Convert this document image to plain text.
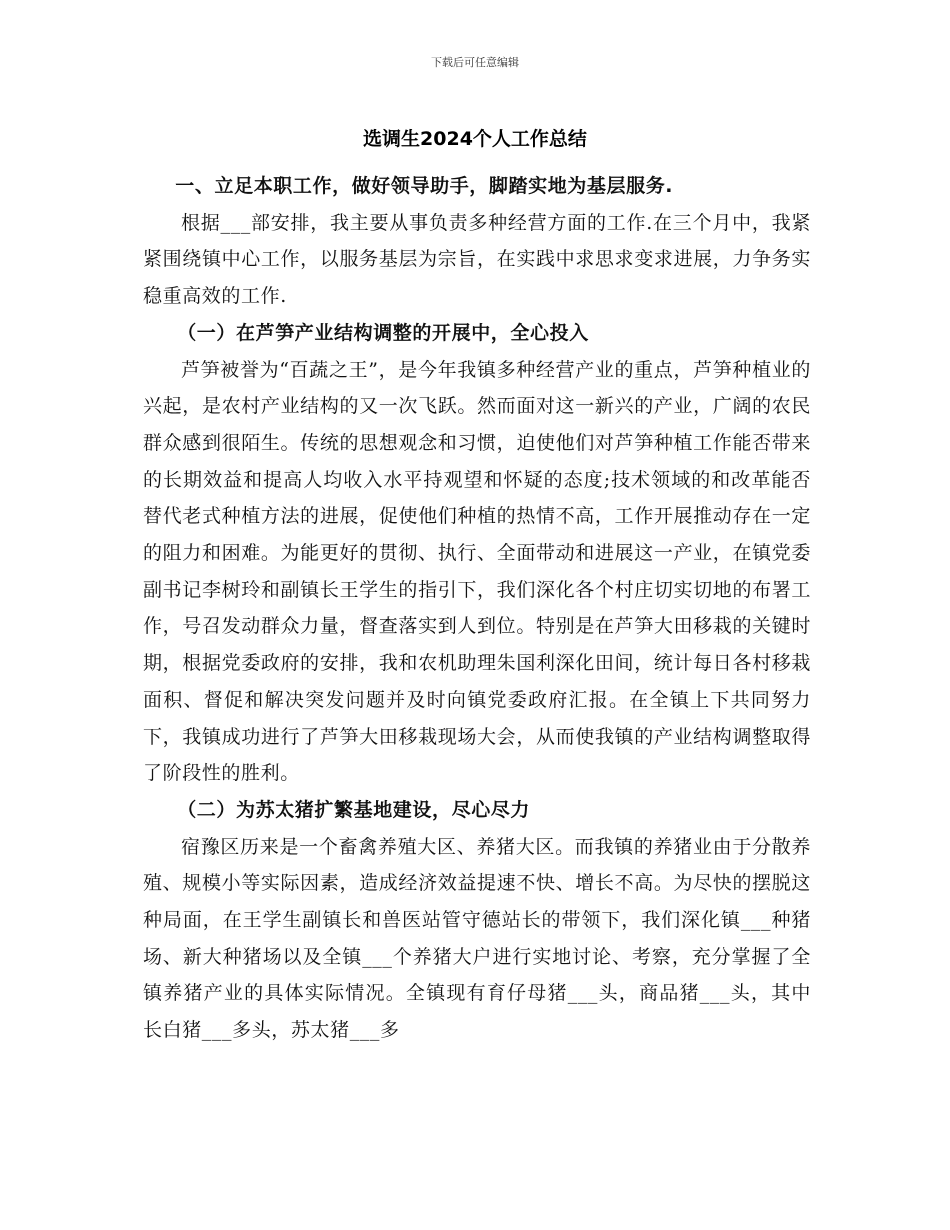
下载后可任意编辑
选调生2024个人工作总结

一、立足本职工作，做好领导助手，脚踏实地为基层服务.

根据___部安排，我主要从事负责多种经营方面的工作.在三个月中，我紧紧围绕镇中心工作，以服务基层为宗旨，在实践中求思求变求进展，力争务实稳重高效的工作.

（一）在芦笋产业结构调整的开展中，全心投入

芦笋被誉为“百蔬之王”，是今年我镇多种经营产业的重点，芦笋种植业的兴起，是农村产业结构的又一次飞跃。然而面对这一新兴的产业，广阔的农民群众感到很陌生。传统的思想观念和习惯，迫使他们对芦笋种植工作能否带来的长期效益和提高人均收入水平持观望和怀疑的态度;技术领域的和改革能否替代老式种植方法的进展，促使他们种植的热情不高，工作开展推动存在一定的阻力和困难。为能更好的贯彻、执行、全面带动和进展这一产业，在镇党委副书记李树玲和副镇长王学生的指引下，我们深化各个村庄切实切地的布署工作，号召发动群众力量，督查落实到人到位。特别是在芦笋大田移栽的关键时期，根据党委政府的安排，我和农机助理朱国利深化田间，统计每日各村移栽面积、督促和解决突发问题并及时向镇党委政府汇报。在全镇上下共同努力下，我镇成功进行了芦笋大田移栽现场大会，从而使我镇的产业结构调整取得了阶段性的胜利。

（二）为苏太猪扩繁基地建设，尽心尽力

宿豫区历来是一个畜禽养殖大区、养猪大区。而我镇的养猪业由于分散养殖、规模小等实际因素，造成经济效益提速不快、增长不高。为尽快的摆脱这种局面，在王学生副镇长和兽医站管守德站长的带领下，我们深化镇___种猪场、新大种猪场以及全镇___个养猪大户进行实地讨论、考察，充分掌握了全镇养猪产业的具体实际情况。全镇现有育仔母猪___头，商品猪___头，其中长白猪___多头，苏太猪___多
